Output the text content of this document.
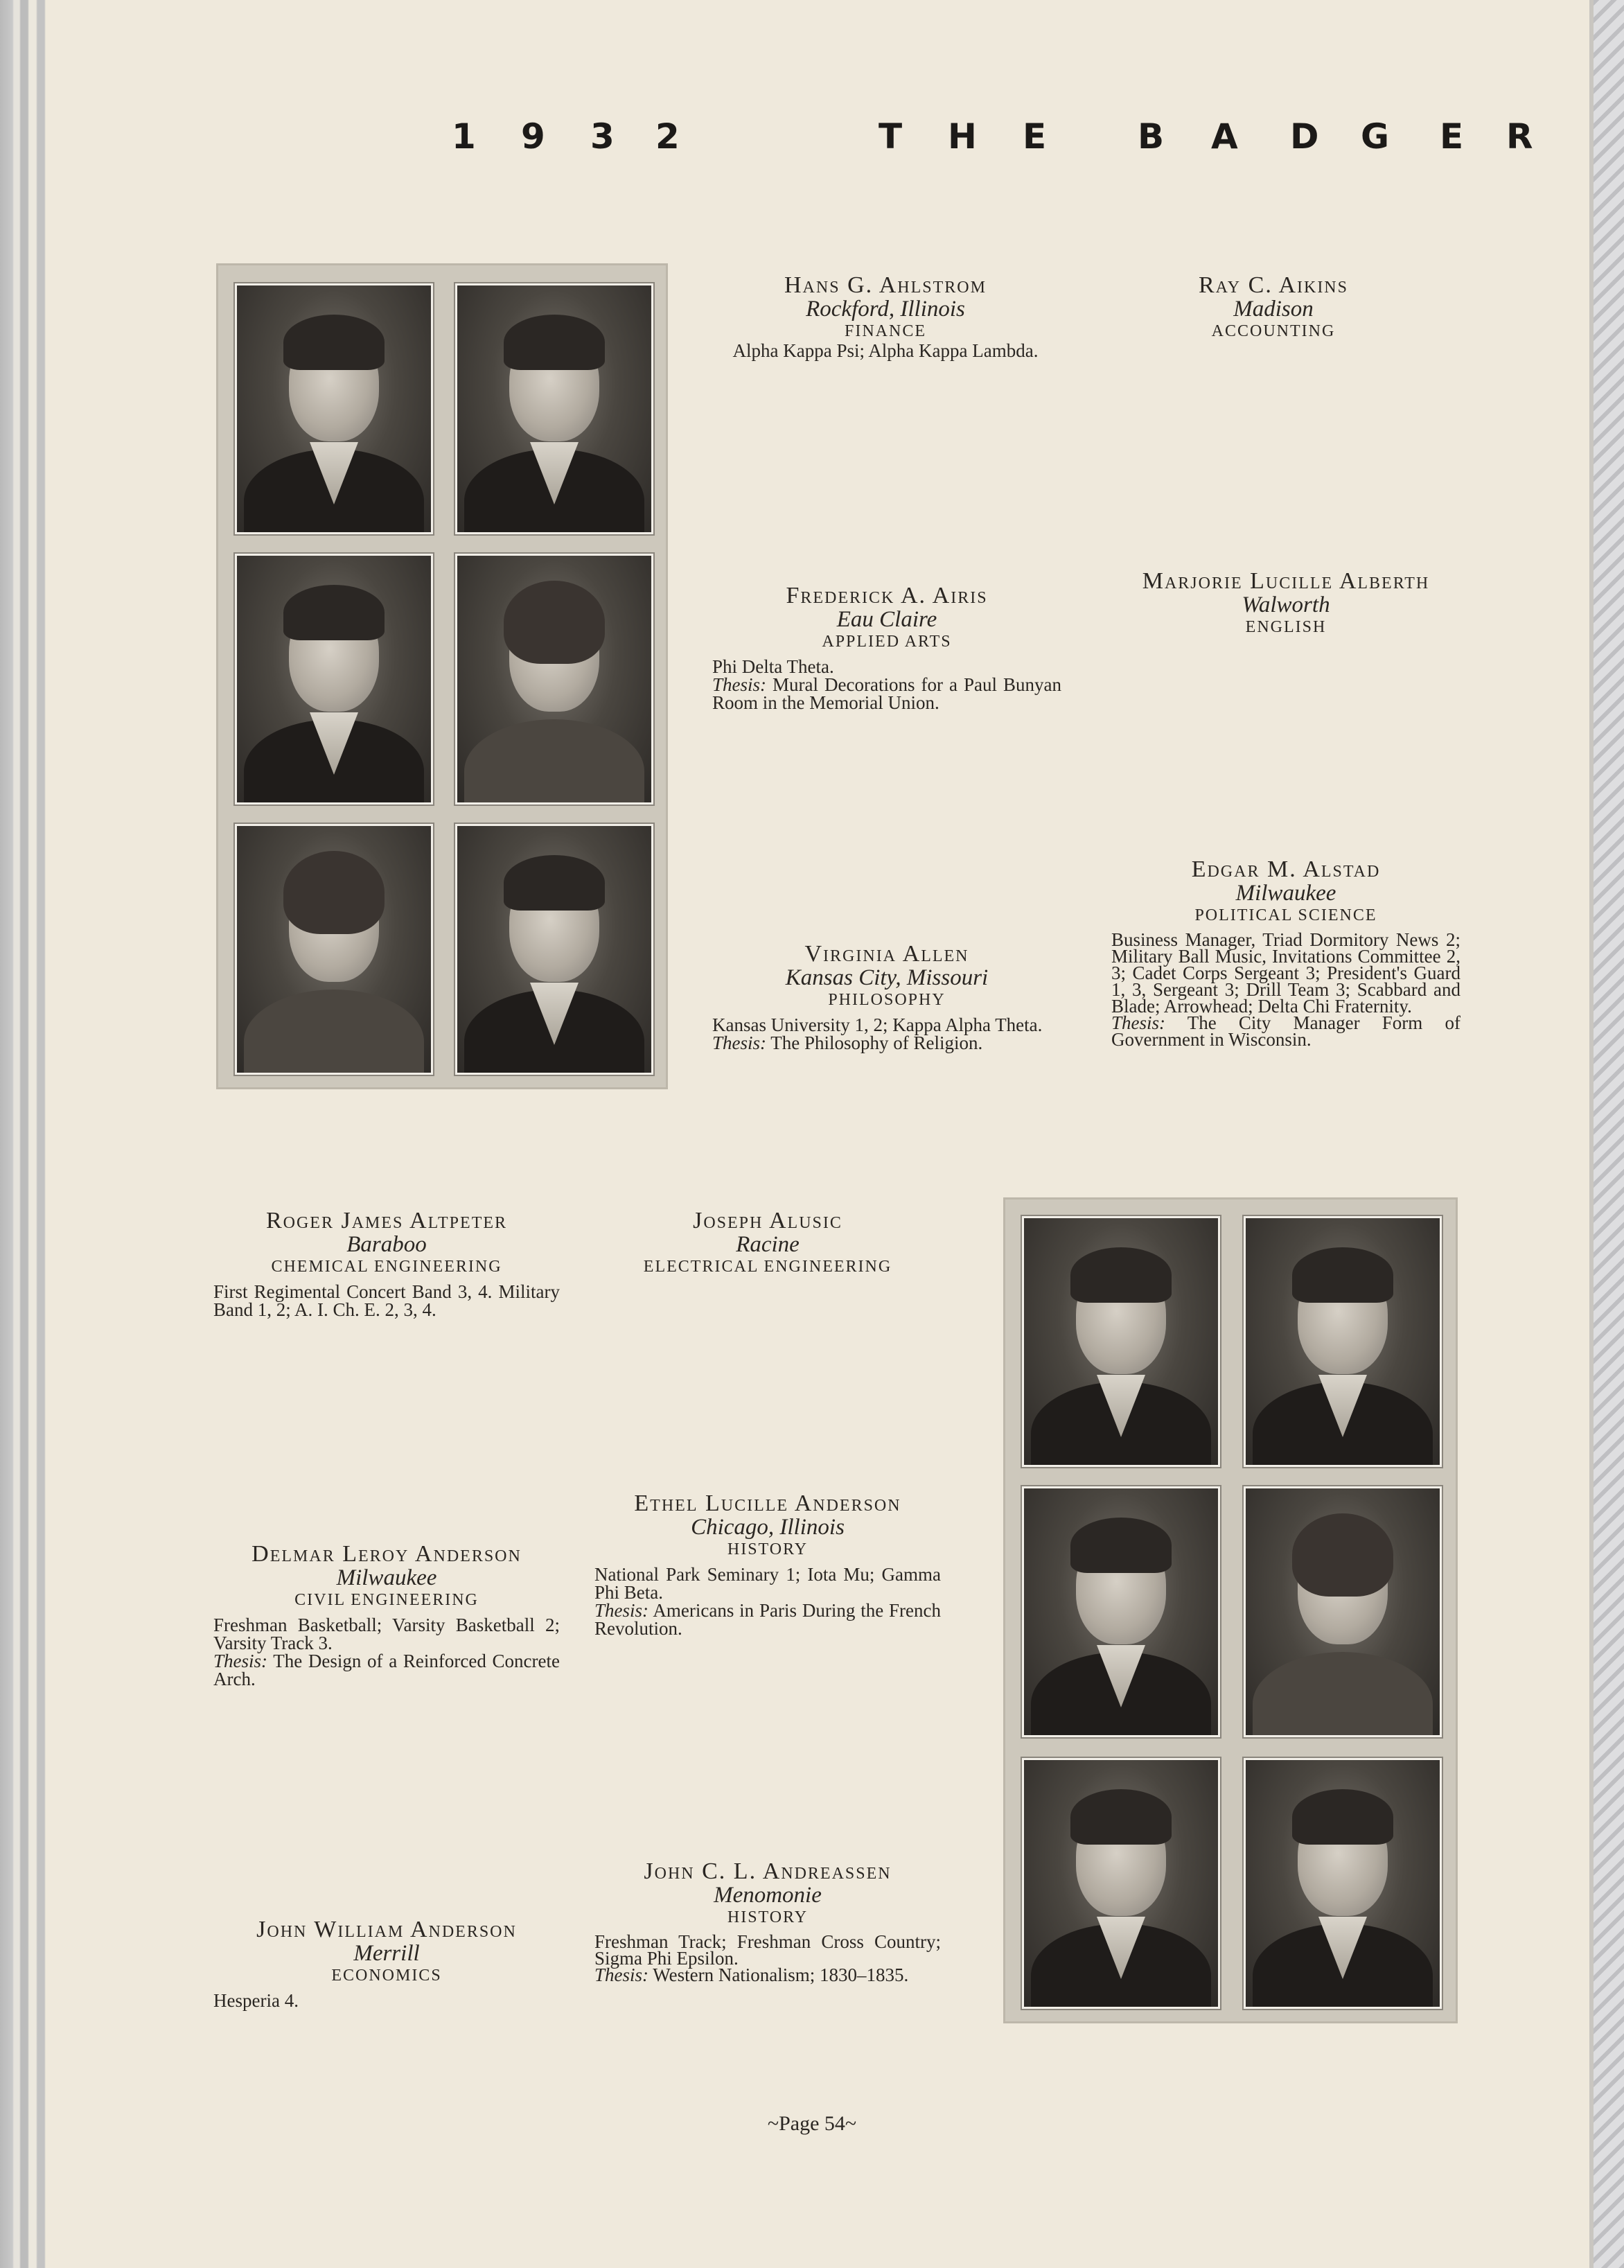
1 9 3 2	T H E	B A D G E R
Hans G. Ahlstrom
Rockford, Illinois
FINANCE
Alpha Kappa Psi; Alpha Kappa Lambda.
Ray C. Aikins
Madison
ACCOUNTING
Frederick A. Airis
Eau Claire
APPLIED ARTS
Phi Delta Theta.
Thesis: Mural Decorations for a Paul Bunyan Room in the Memorial Union.
Marjorie Lucille Alberth
Walworth
ENGLISH
Virginia Allen
Kansas City, Missouri
PHILOSOPHY
Kansas University 1, 2; Kappa Alpha Theta.
Thesis: The Philosophy of Religion.
Edgar M. Alstad
Milwaukee
POLITICAL SCIENCE
Business Manager, Triad Dormitory News 2; Military Ball Music, Invitations Committee 2, 3; Cadet Corps Sergeant 3; President's Guard 1, 3, Sergeant 3; Drill Team 3; Scabbard and Blade; Arrowhead; Delta Chi Fraternity.
Thesis: The City Manager Form of Government in Wisconsin.
Roger James Altpeter
Baraboo
CHEMICAL ENGINEERING
First Regimental Concert Band 3, 4. Military Band 1, 2; A. I. Ch. E. 2, 3, 4.
Joseph Alusic
Racine
ELECTRICAL ENGINEERING
Delmar Leroy Anderson
Milwaukee
CIVIL ENGINEERING
Freshman Basketball; Varsity Basketball 2; Varsity Track 3.
Thesis: The Design of a Reinforced Concrete Arch.
Ethel Lucille Anderson
Chicago, Illinois
HISTORY
National Park Seminary 1; Iota Mu; Gamma Phi Beta.
Thesis: Americans in Paris During the French Revolution.
John William Anderson
Merrill
ECONOMICS
Hesperia 4.
John C. L. Andreassen
Menomonie
HISTORY
Freshman Track; Freshman Cross Country; Sigma Phi Epsilon.
Thesis: Western Nationalism; 1830–1835.
~Page 54~
